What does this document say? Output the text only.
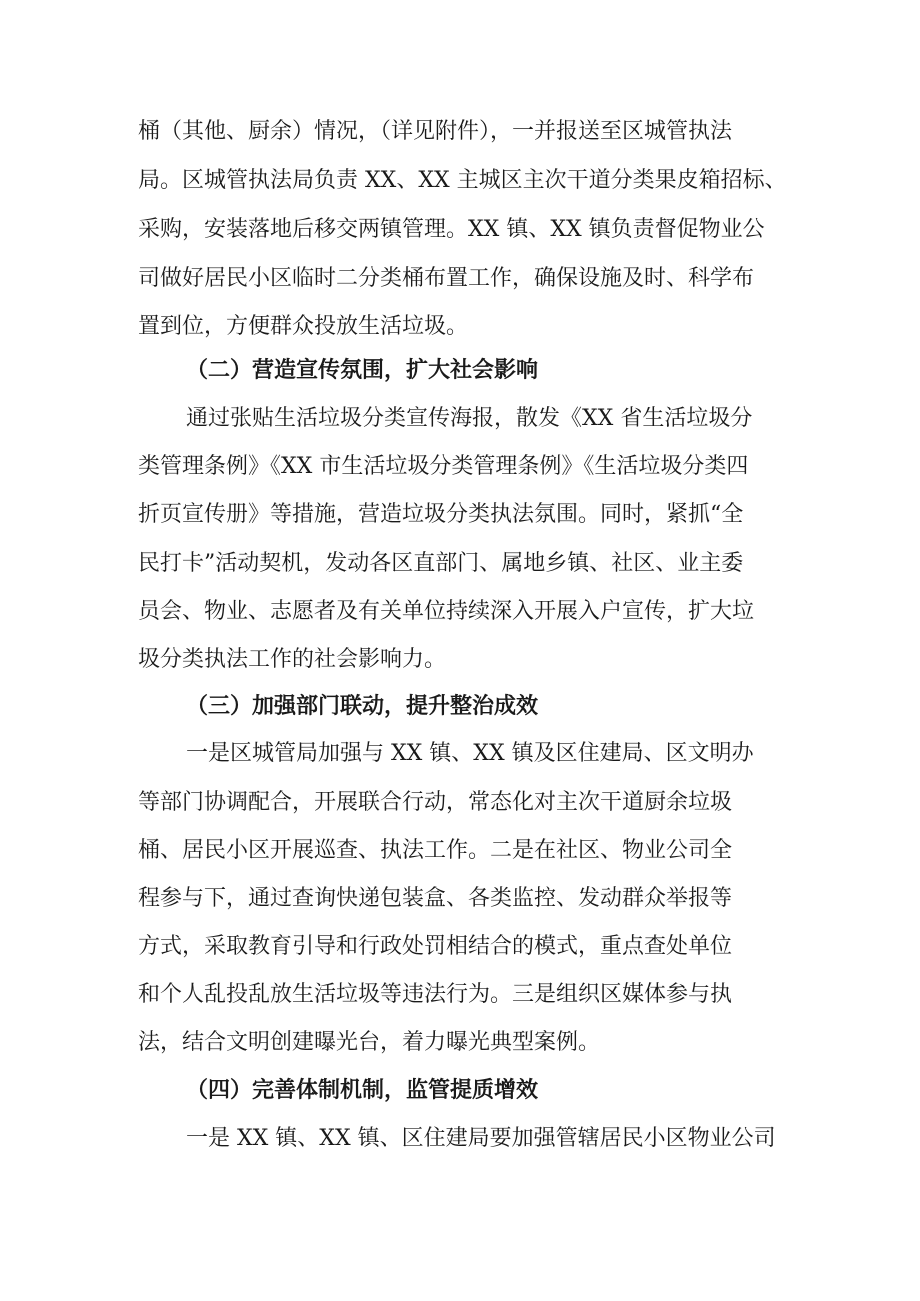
桶（其他、厨余）情况，（详见附件），一并报送至区城管执法
局。区城管执法局负责 XX、XX 主城区主次干道分类果皮箱招标、
采购，安装落地后移交两镇管理。XX 镇、XX 镇负责督促物业公
司做好居民小区临时二分类桶布置工作，确保设施及时、科学布
置到位，方便群众投放生活垃圾。
（二）营造宣传氛围，扩大社会影响
通过张贴生活垃圾分类宣传海报，散发《XX 省生活垃圾分
类管理条例》《XX 市生活垃圾分类管理条例》《生活垃圾分类四
折页宣传册》等措施，营造垃圾分类执法氛围。同时，紧抓“全
民打卡”活动契机，发动各区直部门、属地乡镇、社区、业主委
员会、物业、志愿者及有关单位持续深入开展入户宣传，扩大垃
圾分类执法工作的社会影响力。
（三）加强部门联动，提升整治成效
一是区城管局加强与 XX 镇、XX 镇及区住建局、区文明办
等部门协调配合，开展联合行动，常态化对主次干道厨余垃圾
桶、居民小区开展巡查、执法工作。二是在社区、物业公司全
程参与下，通过查询快递包装盒、各类监控、发动群众举报等
方式，采取教育引导和行政处罚相结合的模式，重点查处单位
和个人乱投乱放生活垃圾等违法行为。三是组织区媒体参与执
法，结合文明创建曝光台，着力曝光典型案例。
（四）完善体制机制，监管提质增效
一是 XX 镇、XX 镇、区住建局要加强管辖居民小区物业公司
